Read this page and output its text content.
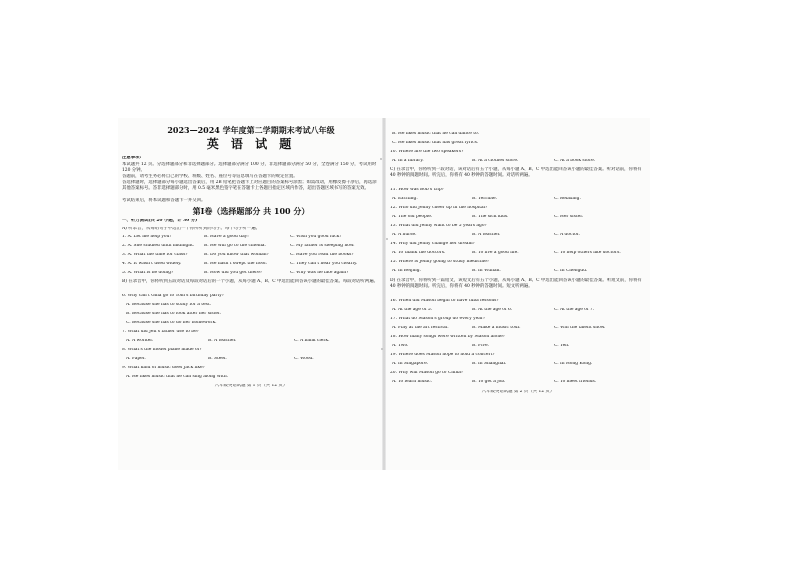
2023—2024 学年度第二学期期末考试八年级
英 语 试 题
注意事项:
本试题共 12 页。分选择题部分和非选择题部分。选择题部分满分 100 分，非选择题部分满分 50 分，全卷满分 150 分，考试用时 120 分钟。
答题前，请考生务必将自己的学校、班级、姓名、座位号等信息填写在答题卡的规定位置。
答选择题时，选择题部分每小题选出答案后，用 2B 铅笔把答题卡上对应题目的答案标号涂黑；如需改动，用橡皮擦干净后，再选涂其他答案标号。答非选择题部分时，用 0.5 毫米黑色签字笔在答题卡上各题目指定区域内作答，超出答题区域书写的答案无效。
考试结束后，将本试题和答题卡一并交回。
第Ⅰ卷（选择题部分 共 100 分）
一、听力测试(共 20 小题，计 30 分)
A) 听录音，从每组句子中选出一个你所听到的句子。每个句子听一遍。
1. A. Let me help you!	B. Have a good day!	C. Wish you good luck!
2. A. She studied until midnight. B. He will go to the cinema.	C. My father is sleeping now.
3. A. What the time for class?	B. Do you know that woman?	C. Have you read the books?
4. A. It wasn't used widely.	B. He hasn't swept the floor.	C. They can't hear you clearly.
5. A. What is he doing?	B. How did you get there?	C. Why was he late again?
B) 在录音中，你将听到五段对话及每段对话后的一个小题，从每小题 A、B、C 中选出能回答该小题的最佳答案。每段对话听两遍。
6. Why can't Gina go to Tom's birthday party?
A. Because she has to study for a test.
B. Because she has to look after her sister.
C. Because she has to do her homework.
7. What did Jeff's father use to be?
A. A worker.	B. A teacher.	C. A bank clerk.
8. What's the model plane made of?
A. Paper.	B. Steel.	C. Wood.
9. What kind of music does Jack like?
A. He likes music that he can sing along with.
八年级英语试题 第 1 页（共 12 页）
B. He likes music that he can dance to.
C. He likes music that has great lyrics.
10. Where are the two speakers?
A. In a library.	B. At a clothes store.	C. At a book store.
C) 在录音中，你将听到一段对话，该对话后有五个小题，从每小题 A、B、C 中选出能回答该小题的最佳答案。听对话前，你将有 40 秒钟的阅题时间。听完后，你将有 40 秒钟的答题时间。对话听两遍。
11. How was Bob's trip?
A. Exciting.	B. Terrible.	C. Relaxing.
12. Who did Jenny cheer up in the hospital?
A. The old people.	B. The sick kids.	C. Her sister.
13. What did Jenny want to be 5 years ago?
A. A nurse.	B. A teacher.	C. A doctor.
14. Why did Jenny change her dream?
A. To thank the doctors.	B. To live a good life.	C. To help others like doctors.
15. Where is Jenny going to study medicine?
A. In Beijing.	B. In Wuhan.	C. In Chengdu.
D) 在录音中，你将听到一篇短文，该短文后有五个小题，从每小题 A、B、C 中选出能回答该小题的最佳答案。听短文前，你将有 40 秒钟的阅题时间。听完后，你将有 40 秒钟的答题时间。短文听两遍。
16. When did Mason begin to have tuba lessons?
A. At the age of 5.	B. At the age of 6.	C. At the age of 7.
17. What do Mason's group do every year?
A. Play at the art festival.	B. Make a music tour.	C. Win the talent show.
18. How many songs were written by Mason alone?
A. Two.	B. Five.	C. Ten.
19. Where does Mason hope to hold a concert?
A. In Singapore.	B. In Shanghai.	C. In Hong Kong.
20. Why will Mason go to China?
A. To learn music.	B. To get a job.	C. To meet friends.
八年级英语试题 第 2 页（共 12 页）
